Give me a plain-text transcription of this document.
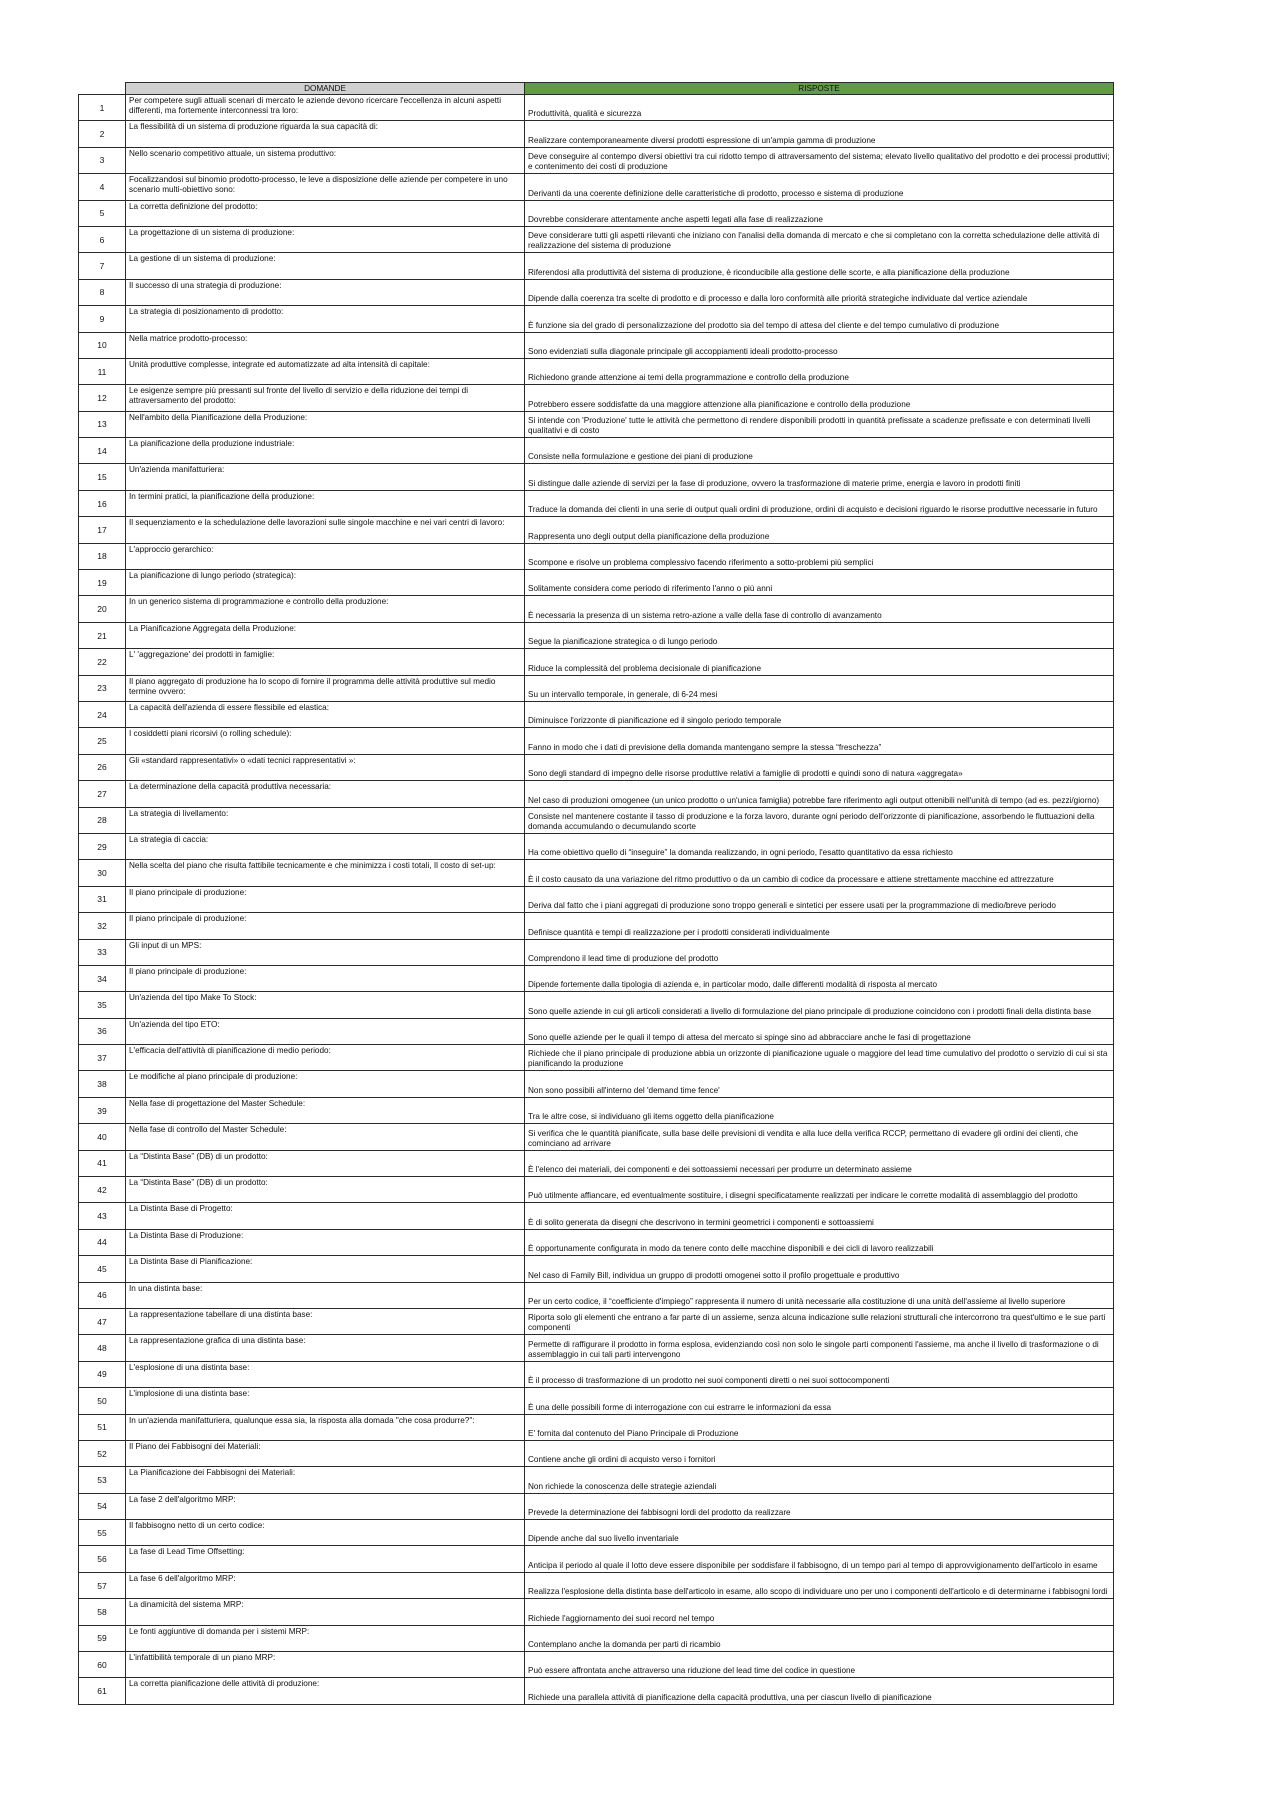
	DOMANDE	RISPOSTE
1	Per competere sugli attuali scenari di mercato le aziende devono ricercare l'eccellenza in alcuni aspetti differenti, ma fortemente interconnessi tra loro:	Produttività, qualità e sicurezza
2	La flessibilità di un sistema di produzione riguarda la sua capacità di:	Realizzare contemporaneamente diversi prodotti espressione di un'ampia gamma di produzione
3	Nello scenario competitivo attuale, un sistema produttivo:	Deve conseguire al contempo diversi obiettivi tra cui ridotto tempo di attraversamento del sistema; elevato livello qualitativo del prodotto e dei processi produttivi; e contenimento dei costi di produzione
4	Focalizzandosi sul binomio prodotto-processo, le leve a disposizione delle aziende per competere in uno scenario multi-obiettivo sono:	Derivanti da una coerente definizione delle caratteristiche di prodotto, processo e sistema di produzione
5	La corretta definizione del prodotto:	Dovrebbe considerare attentamente anche aspetti legati alla fase di realizzazione
6	La progettazione di un sistema di produzione:	Deve considerare tutti gli aspetti rilevanti che iniziano con l'analisi della domanda di mercato e che si completano con la corretta schedulazione delle attività di realizzazione del sistema di produzione
7	La gestione di un sistema di produzione:	Riferendosi alla produttività del sistema di produzione, è riconducibile alla gestione delle scorte, e alla pianificazione della produzione
8	Il successo di una strategia di produzione:	Dipende dalla coerenza tra scelte di prodotto e di processo e dalla loro conformità alle priorità strategiche individuate dal vertice aziendale
9	La strategia di posizionamento di prodotto:	È funzione sia del grado di personalizzazione del prodotto sia del tempo di attesa del cliente e del tempo cumulativo di produzione
10	Nella matrice prodotto-processo:	Sono evidenziati sulla diagonale principale gli accoppiamenti ideali prodotto-processo
11	Unità produttive complesse, integrate ed automatizzate ad alta intensità di capitale:	Richiedono grande attenzione ai temi della programmazione e controllo della produzione
12	Le esigenze sempre più pressanti sul fronte del livello di servizio e della riduzione dei tempi di attraversamento del prodotto:	Potrebbero essere soddisfatte da una maggiore attenzione alla pianificazione e controllo della produzione
13	Nell'ambito della Pianificazione della Produzione:	Si intende con 'Produzione' tutte le attività che permettono di rendere disponibili prodotti in quantità prefissate a scadenze prefissate e con determinati livelli qualitativi e di costo
14	La pianificazione della produzione industriale:	Consiste nella formulazione e gestione dei piani di produzione
15	Un'azienda manifatturiera:	Si distingue dalle aziende di servizi per la fase di produzione, ovvero la trasformazione di materie prime, energia e lavoro in prodotti finiti
16	In termini pratici, la pianificazione della produzione:	Traduce la domanda dei clienti in una serie di output quali ordini di produzione, ordini di acquisto e decisioni riguardo le risorse produttive necessarie in futuro
17	Il sequenziamento e la schedulazione delle lavorazioni sulle singole macchine e nei vari centri di lavoro:	Rappresenta uno degli output della pianificazione della produzione
18	L'approccio gerarchico:	Scompone e risolve un problema complessivo facendo riferimento a sotto-problemi più semplici
19	La pianificazione di lungo periodo (strategica):	Solitamente considera come periodo di riferimento l'anno o più anni
20	In un generico sistema di programmazione e controllo della produzione:	È necessaria la presenza di un sistema retro-azione a valle della fase di controllo di avanzamento
21	La Pianificazione Aggregata della Produzione:	Segue la pianificazione strategica o di lungo periodo
22	L' 'aggregazione' dei prodotti in famiglie:	Riduce la complessità del problema decisionale di pianificazione
23	Il piano aggregato di produzione ha lo scopo di fornire il programma delle attività produttive sul medio termine ovvero:	Su un intervallo temporale, in generale, di 6-24 mesi
24	La capacità dell'azienda di essere flessibile ed elastica:	Diminuisce l'orizzonte di pianificazione ed il singolo periodo temporale
25	I cosiddetti piani ricorsivi (o rolling schedule):	Fanno in modo che i dati di previsione della domanda mantengano sempre la stessa “freschezza”
26	Gli «standard rappresentativi» o «dati tecnici rappresentativi »:	Sono degli standard di impegno delle risorse produttive relativi a famiglie di prodotti e quindi sono di natura «aggregata»
27	La determinazione della capacità produttiva necessaria:	Nel caso di produzioni omogenee (un unico prodotto o un'unica famiglia) potrebbe fare riferimento agli output ottenibili nell'unità di tempo (ad es. pezzi/giorno)
28	La strategia di livellamento:	Consiste nel mantenere costante il tasso di produzione e la forza lavoro, durante ogni periodo dell'orizzonte di pianificazione, assorbendo le fluttuazioni della domanda accumulando o decumulando scorte
29	La strategia di caccia:	Ha come obiettivo quello di “inseguire” la domanda realizzando, in ogni periodo, l'esatto quantitativo da essa richiesto
30	Nella scelta del piano che risulta fattibile tecnicamente e che minimizza i costi totali, Il costo di set-up:	È il costo causato da una variazione del ritmo produttivo o da un cambio di codice da processare e attiene strettamente macchine ed attrezzature
31	Il piano principale di produzione:	Deriva dal fatto che i piani aggregati di produzione sono troppo generali e sintetici per essere usati per la programmazione di medio/breve periodo
32	Il piano principale di produzione:	Definisce quantità e tempi di realizzazione per i prodotti considerati individualmente
33	Gli input di un MPS:	Comprendono il lead time di produzione del prodotto
34	Il piano principale di produzione:	Dipende fortemente dalla tipologia di azienda e, in particolar modo, dalle differenti modalità di risposta al mercato
35	Un'azienda del tipo Make To Stock:	Sono quelle aziende in cui gli articoli considerati a livello di formulazione del piano principale di produzione coincidono con i prodotti finali della distinta base
36	Un'azienda del tipo ETO:	Sono quelle aziende per le quali il tempo di attesa del mercato si spinge sino ad abbracciare anche le fasi di progettazione
37	L'efficacia dell'attività di pianificazione di medio periodo:	Richiede che il piano principale di produzione abbia un orizzonte di pianificazione uguale o maggiore del lead time cumulativo del prodotto o servizio di cui si sta pianificando la produzione
38	Le modifiche al piano principale di produzione:	Non sono possibili all'interno del 'demand time fence'
39	Nella fase di progettazione del Master Schedule:	Tra le altre cose, si individuano gli items oggetto della pianificazione
40	Nella fase di controllo del Master Schedule:	Si verifica che le quantità pianificate, sulla base delle previsioni di vendita e alla luce della verifica RCCP, permettano di evadere gli ordini dei clienti, che cominciano ad arrivare
41	La “Distinta Base” (DB) di un prodotto:	È l'elenco dei materiali, dei componenti e dei sottoassiemi necessari per produrre un determinato assieme
42	La “Distinta Base” (DB) di un prodotto:	Può utilmente affiancare, ed eventualmente sostituire, i disegni specificatamente realizzati per indicare le corrette modalità di assemblaggio del prodotto
43	La Distinta Base di Progetto:	È di solito generata da disegni che descrivono in termini geometrici i componenti e sottoassiemi
44	La Distinta Base di Produzione:	È opportunamente configurata in modo da tenere conto delle macchine disponibili e dei cicli di lavoro realizzabili
45	La Distinta Base di Pianificazione:	Nel caso di Family Bill, individua un gruppo di prodotti omogenei sotto il profilo progettuale e produttivo
46	In una distinta base:	Per un certo codice, il “coefficiente d'impiego” rappresenta il numero di unità necessarie alla costituzione di una unità dell'assieme al livello superiore
47	La rappresentazione tabellare di una distinta base:	Riporta solo gli elementi che entrano a far parte di un assieme, senza alcuna indicazione sulle relazioni strutturali che intercorrono tra quest'ultimo e le sue parti componenti
48	La rappresentazione grafica di una distinta base:	Permette di raffigurare il prodotto in forma esplosa, evidenziando così non solo le singole parti componenti l'assieme, ma anche il livello di trasformazione o di assemblaggio in cui tali parti intervengono
49	L'esplosione di una distinta base:	È il processo di trasformazione di un prodotto nei suoi componenti diretti o nei suoi sottocomponenti
50	L'implosione di una distinta base:	È una delle possibili forme di interrogazione con cui estrarre le informazioni da essa
51	In un'azienda manifatturiera, qualunque essa sia, la risposta alla domada "che cosa produrre?":	E' fornita dal contenuto del Piano Principale di Produzione
52	Il Piano dei Fabbisogni dei Materiali:	Contiene anche gli ordini di acquisto verso i fornitori
53	La Pianificazione dei Fabbisogni dei Materiali:	Non richiede la conoscenza delle strategie aziendali
54	La fase 2 dell'algoritmo MRP:	Prevede la determinazione dei fabbisogni lordi del prodotto da realizzare
55	Il fabbisogno netto di un certo codice:	Dipende anche dal suo livello inventariale
56	La fase di Lead Time Offsetting:	Anticipa il periodo al quale il lotto deve essere disponibile per soddisfare il fabbisogno, di un tempo pari al tempo di approvvigionamento dell'articolo in esame
57	La fase 6 dell'algoritmo MRP:	Realizza l'esplosione della distinta base dell'articolo in esame, allo scopo di individuare uno per uno i componenti dell'articolo e di determinarne i fabbisogni lordi
58	La dinamicità del sistema MRP:	Richiede l'aggiornamento dei suoi record nel tempo
59	Le fonti aggiuntive di domanda per i sistemi MRP:	Contemplano anche la domanda per parti di ricambio
60	L'infattibilità temporale di un piano MRP:	Può essere affrontata anche attraverso una riduzione del lead time del codice in questione
61	La corretta pianificazione delle attività di produzione:	Richiede una parallela attività di pianificazione della capacità produttiva, una per ciascun livello di pianificazione
